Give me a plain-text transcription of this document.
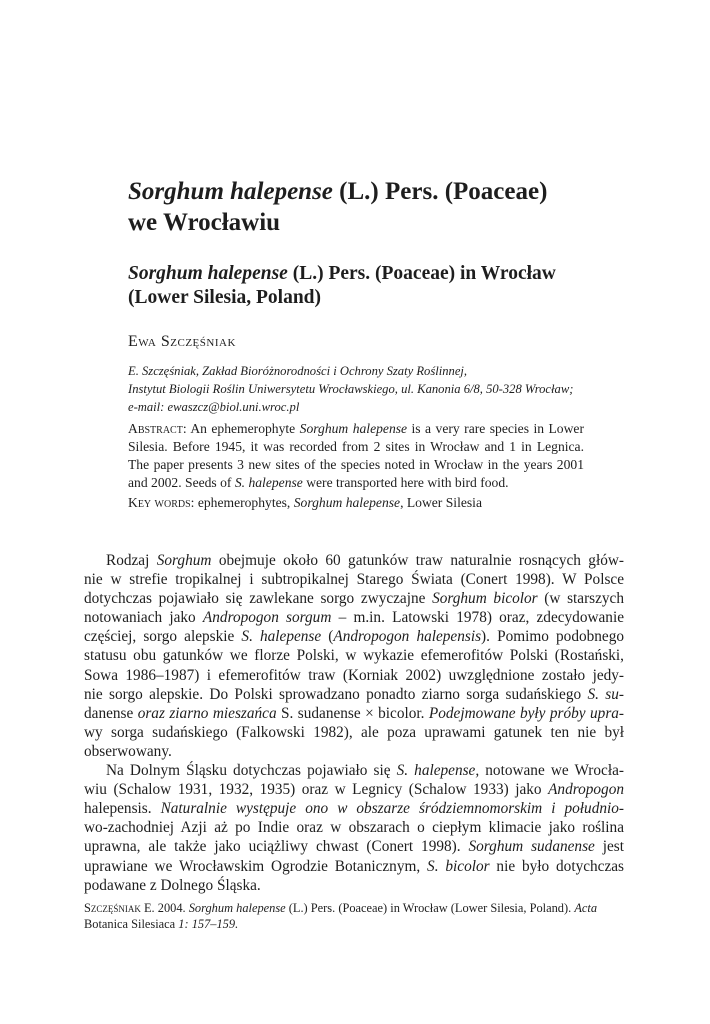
Sorghum halepense (L.) Pers. (Poaceae)
we Wrocławiu
Sorghum halepense (L.) Pers. (Poaceae) in Wrocław
(Lower Silesia, Poland)
Ewa Szczęśniak
E. Szczęśniak, Zakład Bioróżnorodności i Ochrony Szaty Roślinnej,
Instytut Biologii Roślin Uniwersytetu Wrocławskiego, ul. Kanonia 6/8, 50-328 Wrocław;
e-mail: ewaszcz@biol.uni.wroc.pl
Abstract: An ephemerophyte Sorghum halepense is a very rare species in Lower Silesia. Before 1945, it was recorded from 2 sites in Wrocław and 1 in Legnica. The paper presents 3 new sites of the species noted in Wrocław in the years 2001 and 2002. Seeds of S. halepense were transported here with bird food.
Key words: ephemerophytes, Sorghum halepense, Lower Silesia
Rodzaj Sorghum obejmuje około 60 gatunków traw naturalnie rosnących głów-
nie w strefie tropikalnej i subtropikalnej Starego Świata (Conert 1998). W Polsce
dotychczas pojawiało się zawlekane sorgo zwyczajne Sorghum bicolor (w starszych
notowaniach jako Andropogon sorgum – m.in. Latowski 1978) oraz, zdecydowanie
częściej, sorgo alepskie S. halepense (Andropogon halepensis). Pomimo podobnego
statusu obu gatunków we florze Polski, w wykazie efemerofitów Polski (Rostański,
Sowa 1986–1987) i efemerofitów traw (Korniak 2002) uwzględnione zostało jedy-
nie sorgo alepskie. Do Polski sprowadzano ponadto ziarno sorga sudańskiego S. su-
danense oraz ziarno mieszańca S. sudanense × bicolor. Podejmowane były próby upra-
wy sorga sudańskiego (Falkowski 1982), ale poza uprawami gatunek ten nie był
obserwowany.
Na Dolnym Śląsku dotychczas pojawiało się S. halepense, notowane we Wrocła-
wiu (Schalow 1931, 1932, 1935) oraz w Legnicy (Schalow 1933) jako Andropogon
halepensis. Naturalnie występuje ono w obszarze śródziemnomorskim i południo-
wo-zachodniej Azji aż po Indie oraz w obszarach o ciepłym klimacie jako roślina
uprawna, ale także jako uciążliwy chwast (Conert 1998). Sorghum sudanense jest
uprawiane we Wrocławskim Ogrodzie Botanicznym, S. bicolor nie było dotychczas
podawane z Dolnego Śląska.
Szczęśniak E. 2004. Sorghum halepense (L.) Pers. (Poaceae) in Wrocław (Lower Silesia, Poland). Acta
Botanica Silesiaca 1: 157–159.
